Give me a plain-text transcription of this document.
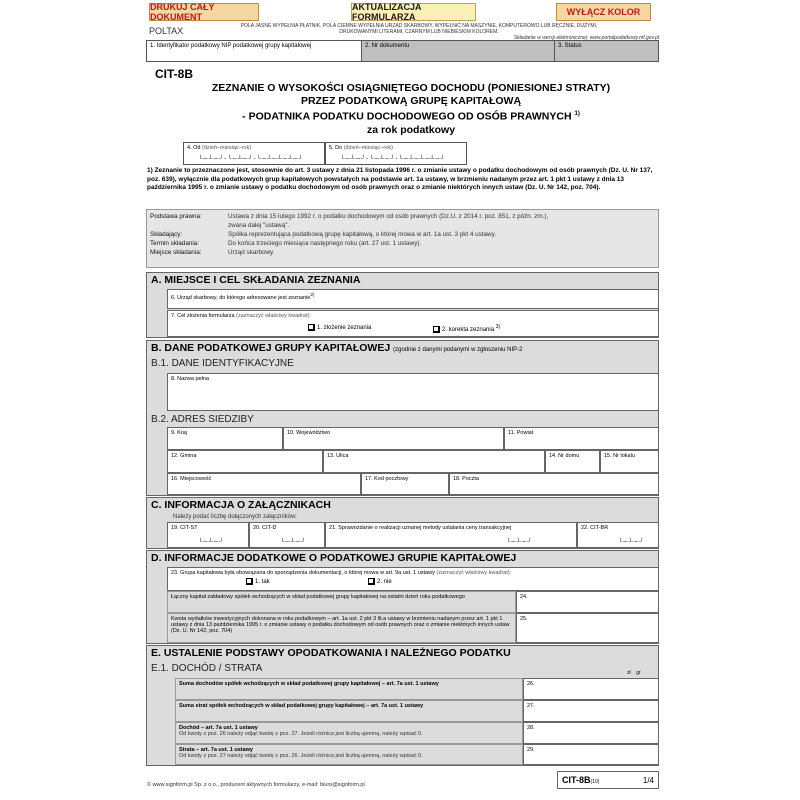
DRUKUJ CAŁY DOKUMENT
AKTUALIZACJA FORMULARZA	WYŁĄCZ KOLOR
POLTAX	POLA JASNE WYPEŁNIA PŁATNIK, POLA CIEMNE WYPEŁNIA URZĄD SKARBOWY. WYPEŁNIĆ NA MASZYNIE, KOMPUTEROWO LUB RĘCZNIE, DUŻYMI,
DRUKOWANYMI LITERAMI, CZARNYM LUB NIEBIESKIM KOLOREM.
Składanie w wersji elektronicznej: www.portalpodatkowy.mf.gov.pl
1. Identyfikator podatkowy NIP podatkowej grupy kapitałowej	2. Nr dokumentu	3. Status
CIT-8B
ZEZNANIE O WYSOKOŚCI OSIĄGNIĘTEGO DOCHODU (PONIESIONEJ STRATY)
PRZEZ PODATKOWĄ GRUPĘ KAPITAŁOWĄ
- PODATNIKA PODATKU DOCHODOWEGO OD OSÓB PRAWNYCH $^{1)}$
za rok podatkowy
4. Od (dzień–miesiąc–rok)
└─┴─┘-└─┴─┘-└─┴─┴─┴─┘
5. Do (dzień–miesiąc–rok)
└─┴─┘-└─┴─┘-└─┴─┴─┴─┘
1) Zeznanie to przeznaczone jest, stosownie do art. 3 ustawy z dnia 21 listopada 1996 r. o zmianie ustawy o podatku dochodowym od osób prawnych (Dz. U. Nr 137, poz. 639), wyłącznie dla podatkowych grup kapitałowych powstałych na podstawie art. 1a ustawy, w brzmieniu nadanym przez art. 1 pkt 1 ustawy z dnia 13 października 1995 r. o zmianie ustawy o podatku dochodowym od osób prawnych oraz o zmianie niektórych innych ustaw (Dz. U. Nr 142, poz. 704).
Podstawa prawna:	Ustawa z dnia 15 lutego 1992 r. o podatku dochodowym od osób prawnych (Dz.U. z 2014 r. poz. 851, z późn. zm.),
zwana dalej "ustawą".
Składający:	Spółka reprezentująca podatkową grupę kapitałową, o której mowa w art. 1a ust. 3 pkt 4 ustawy.
Termin składania:	Do końca trzeciego miesiąca następnego roku (art. 27 ust. 1 ustawy).
Miejsce składania:	Urząd skarbowy.
A. MIEJSCE I CEL SKŁADANIA ZEZNANIA
6. Urząd skarbowy, do którego adresowane jest zeznanie$^{2)}$
7. Cel złożenia formularza (zaznaczyć właściwy kwadrat):
1. złożenie zeznania	2. korekta zeznania $^{3)}$
B. DANE PODATKOWEJ GRUPY KAPITAŁOWEJ (zgodnie z danymi podanymi w zgłoszeniu NIP-2
B.1. DANE IDENTYFIKACYJNE
8. Nazwa pełna
B.2. ADRES SIEDZIBY
9. Kraj	10. Województwo	11. Powiat
12. Gmina	13. Ulica	14. Nr domu	15. Nr lokalu
16. Miejscowość	17. Kod pocztowy	18. Poczta
C. INFORMACJA O ZAŁĄCZNIKACH
Należy podać liczbę dołączonych załączników.
19. CIT-ST
└─┴─┘
20. CIT-D
└─┴─┘
21. Sprawozdanie o realizacji uznanej metody ustalania ceny transakcyjnej
└─┴─┘
22. CIT-BR
└─┴─┘
D. INFORMACJE DODATKOWE O PODATKOWEJ GRUPIE KAPITAŁOWEJ
23. Grupa kapitałowa była obowiązana do sporządzenia dokumentacji, o której mowa w art. 9a ust. 1 ustawy (zaznaczyć właściwy kwadrat):
1. tak	2. nie
Łączny kapitał zakładowy spółek wchodzących w skład podatkowej grupy kapitałowej na ostatni dzień roku podatkowego	24.
Kwota wydatków inwestycyjnych dokonana w roku podatkowym – art. 1a ust. 2 pkt 3 lit.a ustawy w brzmieniu nadanym przez art. 1 pkt 1 ustawy z dnia 13 października 1995 r. o zmianie ustawy o podatku dochodowym od osób prawnych oraz o zmianie niektórych innych ustaw (Dz. U. Nr 142, poz. 704)
25.
E. USTALENIE PODSTAWY OPODATKOWANIA I NALEŻNEGO PODATKU
E.1. DOCHÓD / STRATA	zł gr
Suma dochodów spółek wchodzących w skład podatkowej grupy kapitałowej – art. 7a ust. 1 ustawy	26.
Suma strat spółek wchodzących w skład podatkowej grupy kapitałowej – art. 7a ust. 1 ustawy	27.
Dochód – art. 7a ust. 1 ustawy
Od kwoty z poz. 26 należy odjąć kwotę z poz. 27. Jeżeli różnica jest liczbą ujemną, należy wpisać 0.
28.
Strata – art. 7a ust. 1 ustawy
Od kwoty z poz. 27 należy odjąć kwotę z poz. 26. Jeżeli różnica jest liczbą ujemną, należy wpisać 0.
29.
© www.signform.pl Sp. z o.o., producent aktywnych formularzy, e-mail: biuro@signform.pl	CIT-8B(10)	1/4
